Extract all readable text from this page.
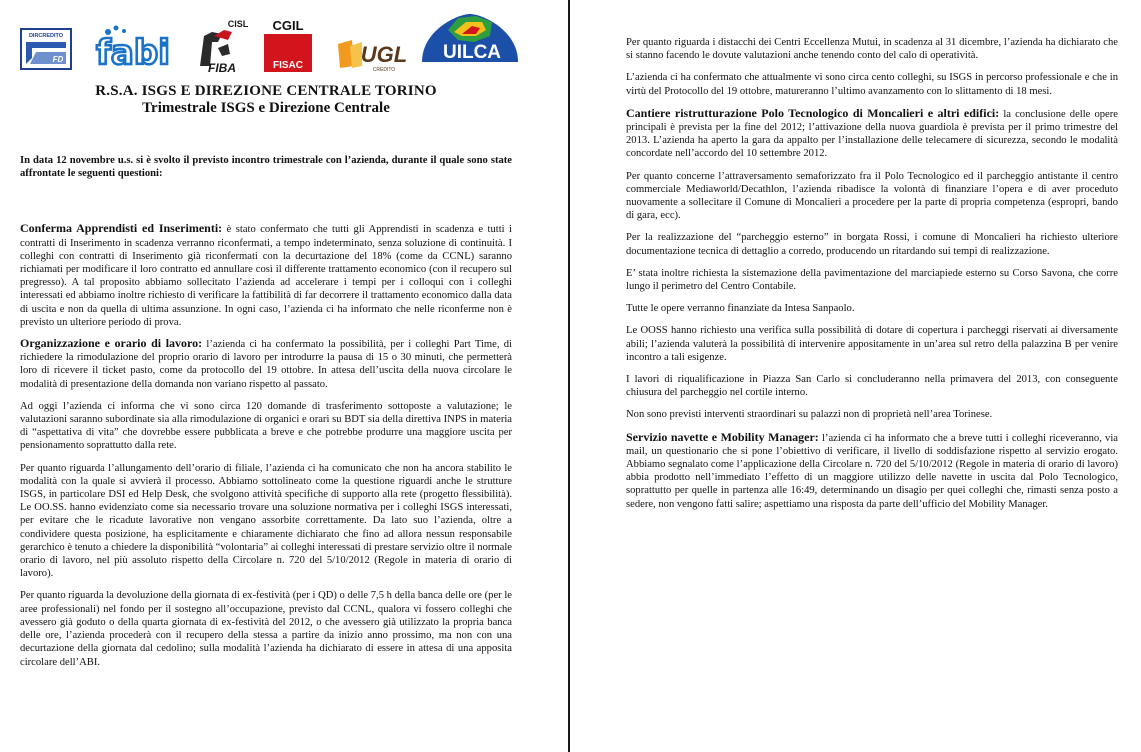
DIRCREDITO
FD fabi
CISL
FIBA
CGIL
FISAC	UGL
CREDITO
UILCA
R.S.A. ISGS E DIREZIONE CENTRALE TORINO
Trimestrale ISGS e Direzione Centrale

In data 12 novembre u.s. si è svolto il previsto incontro trimestrale con l’azienda, durante il quale sono state affrontate le seguenti questioni:

Conferma Apprendisti ed Inserimenti: è stato confermato che tutti gli Apprendisti in scadenza e tutti i contratti di Inserimento in scadenza verranno riconfermati, a tempo indeterminato, senza soluzione di continuità. I colleghi con contratti di Inserimento già riconfermati con la decurtazione del 18% (come da CCNL) saranno richiamati per modificare il loro contratto ed annullare così il differente trattamento economico (con il recupero sul pregresso). A tal proposito abbiamo sollecitato l’azienda ad accelerare i tempi per i colloqui con i colleghi interessati ed abbiamo inoltre richiesto di verificare la fattibilità di far decorrere il trattamento economico dalla data di uscita e non da quella di ultima assunzione. In ogni caso, l’azienda ci ha informato che nelle riconferme non è previsto un ulteriore periodo di prova.

Organizzazione e orario di lavoro: l’azienda ci ha confermato la possibilità, per i colleghi Part Time, di richiedere la rimodulazione del proprio orario di lavoro per introdurre la pausa di 15 o 30 minuti, che permetterà loro di ricevere il ticket pasto, come da protocollo del 19 ottobre. In attesa dell’uscita della nuova circolare le modalità di presentazione della domanda non variano rispetto al passato.

Ad oggi l’azienda ci informa che vi sono circa 120 domande di trasferimento sottoposte a valutazione; le valutazioni saranno subordinate sia alla rimodulazione di organici e orari su BDT sia della direttiva INPS in materia di “aspettativa di vita” che dovrebbe essere pubblicata a breve e che potrebbe produrre una maggiore uscita per pensionamento soprattutto dalla rete.

Per quanto riguarda l’allungamento dell’orario di filiale, l’azienda ci ha comunicato che non ha ancora stabilito le modalità con la quale si avvierà il processo. Abbiamo sottolineato come la questione riguardi anche le strutture ISGS, in particolare DSI ed Help Desk, che svolgono attività specifiche di supporto alla rete (progetto flessibilità). Le OO.SS. hanno evidenziato come sia necessario trovare una soluzione normativa per i colleghi ISGS interessati, per evitare che le ricadute lavorative non vengano assorbite correttamente. Da lato suo l’azienda, oltre a condividere questa posizione, ha esplicitamente e chiaramente dichiarato che fino ad allora nessun responsabile gerarchico è tenuto a chiedere la disponibilità “volontaria” ai colleghi interessati di prestare servizio oltre il normale orario di lavoro, nel più assoluto rispetto della Circolare n. 720 del 5/10/2012 (Regole in materia di orario di lavoro).

Per quanto riguarda la devoluzione della giornata di ex-festività (per i QD) o delle 7,5 h della banca delle ore (per le aree professionali) nel fondo per il sostegno all’occupazione, previsto dal CCNL, qualora vi fossero colleghi che avessero già goduto o della quarta giornata di ex-festività del 2012, o che avessero già utilizzato la propria banca delle ore, l’azienda procederà con il recupero della stessa a partire da inizio anno prossimo, ma non con una decurtazione della giornata dal cedolino; sulla modalità l’azienda ha dichiarato di essere in attesa di una apposita circolare dell’ABI.

Per quanto riguarda i distacchi dei Centri Eccellenza Mutui, in scadenza al 31 dicembre, l’azienda ha dichiarato che si stanno facendo le dovute valutazioni anche tenendo conto del calo di operatività.

L’azienda ci ha confermato che attualmente vi sono circa cento colleghi, su ISGS in percorso professionale e che in virtù del Protocollo del 19 ottobre, matureranno l’ultimo avanzamento con lo slittamento di 18 mesi.

Cantiere ristrutturazione Polo Tecnologico di Moncalieri e altri edifici: la conclusione delle opere principali è prevista per la fine del 2012; l’attivazione della nuova guardiola è prevista per il primo trimestre del 2013. L’azienda ha aperto la gara da appalto per l’installazione delle telecamere di sicurezza, secondo le modalità concordate nell’accordo del 10 settembre 2012.

Per quanto concerne l’attraversamento semaforizzato fra il Polo Tecnologico ed il parcheggio antistante il centro commerciale Mediaworld/Decathlon, l’azienda ribadisce la volontà di finanziare l’opera e di aver proceduto nuovamente a sollecitare il Comune di Moncalieri a procedere per la parte di propria competenza (espropri, bando di gara, ecc).

Per la realizzazione del “parcheggio esterno” in borgata Rossi, i comune di Moncalieri ha richiesto ulteriore documentazione tecnica di dettaglio a corredo, producendo un ritardando sui tempi di realizzazione.

E’ stata inoltre richiesta la sistemazione della pavimentazione del marciapiede esterno su Corso Savona, che corre lungo il perimetro del Centro Contabile.

Tutte le opere verranno finanziate da Intesa Sanpaolo.

Le OOSS hanno richiesto una verifica sulla possibilità di dotare di copertura i parcheggi riservati ai diversamente abili; l’azienda valuterà la possibilità di intervenire appositamente in un’area sul retro della palazzina B per venire incontro a tali esigenze.

I lavori di riqualificazione in Piazza San Carlo si concluderanno nella primavera del 2013, con conseguente chiusura del parcheggio nel cortile interno.

Non sono previsti interventi straordinari su palazzi non di proprietà nell’area Torinese.

Servizio navette e Mobility Manager: l’azienda ci ha informato che a breve tutti i colleghi riceveranno, via mail, un questionario che si pone l’obiettivo di verificare, il livello di soddisfazione rispetto al servizio erogato. Abbiamo segnalato come l’applicazione della Circolare n. 720 del 5/10/2012 (Regole in materia di orario di lavoro) abbia prodotto nell’immediato l’effetto di un maggiore utilizzo delle navette in uscita dal Polo Tecnologico, soprattutto per quelle in partenza alle 16:49, determinando un disagio per quei colleghi che, rimasti senza posto a sedere, non vengono fatti salire; aspettiamo una risposta da parte dell’ufficio del Mobility Manager.
